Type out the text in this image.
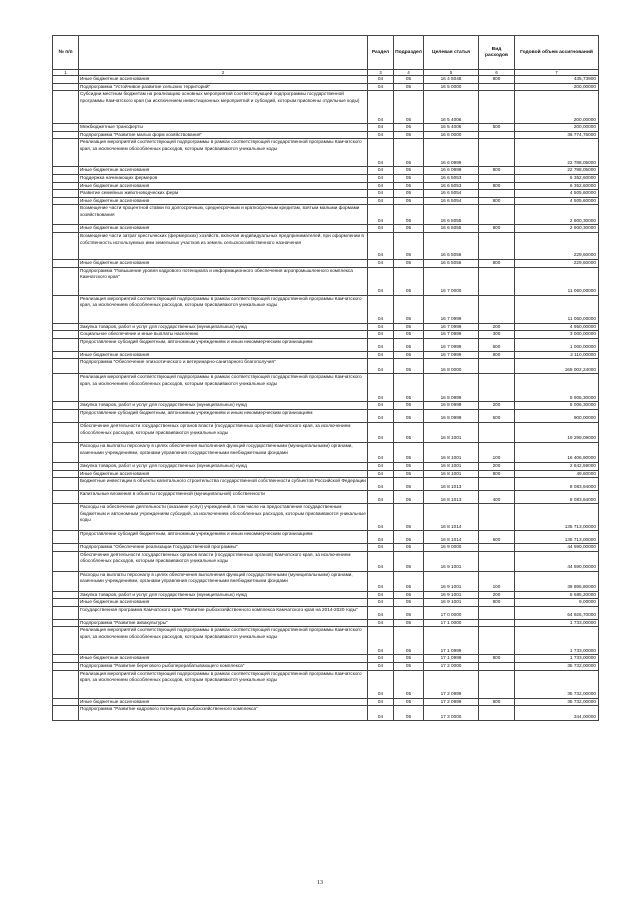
№ п/п		Раздел	Подраздел	Целевая статья	Вид расходов	Годовой объем ассигнований
1	2	3	4	5	6	7
	Иные бюджетные ассигнования	04	05	16 4 5048	800	435,73900
	Подпрограмма "Устойчивое развитие сельских территорий"	04	05	16 5 0000		200,00000
	Субсидии местным бюджетам на реализацию основных мероприятий соответствующей подпрограммы государственной программы Камчатского края (за исключением инвестиционных мероприятий и субсидий, которым присвоены отдельные коды)	04	05	16 5 4006		200,00000
	Межбюджетные трансферты	04	05	16 5 4006	500	200,00000
	Подпрограмма "Развитие малых форм хозяйствования"	04	05	16 6 0000		36 774,75000
	Реализация мероприятий соответствующей подпрограммы в рамках соответствующей государственной программы Камчатского края, за исключением обособленных расходов, которым присваиваются уникальные коды	04	05	16 6 0999		22 788,05000
	Иные бюджетные ассигнования	04	05	16 6 0999	800	22 788,05000
	Поддержка начинающих фермеров	04	05	16 6 5053		6 352,60000
	Иные бюджетные ассигнования	04	05	16 6 5053	800	6 352,60000
	Развитие семейных животноводческих ферм	04	05	16 6 5054		4 505,60000
	Иные бюджетные ассигнования	04	05	16 6 5054	800	4 505,60000
	Возмещение части процентной ставки по долгосрочным, среднесрочным и краткосрочным кредитам, взятым малыми формами хозяйствования	04	05	16 6 5055		2 900,30000
	Иные бюджетные ассигнования	04	05	16 6 5055	800	2 900,30000
	Возмещение части затрат крестьянских (фермерских) хозяйств, включая индивидуальных предпринимателей, при оформлении в собственность используемых ими земельных участков из земель сельскохозяйственного назначения	04	05	16 6 5056		229,60000
	Иные бюджетные ассигнования	04	05	16 6 5056	800	229,60000
	Подпрограмма "Повышение уровня кадрового потенциала и информационного обеспечения агропромышленного комплекса Камчатского края"	04	05	16 7 0000		11 060,00000
	Реализация мероприятий соответствующей подпрограммы в рамках соответствующей государственной программы Камчатского края, за исключением обособленных расходов, которым присваиваются уникальные коды	04	05	16 7 0999		11 060,00000
	Закупка товаров, работ и услуг для государственных (муниципальных) нужд	04	05	16 7 0999	200	4 950,00000
	Социальное обеспечение и иные выплаты населению	04	05	16 7 0999	300	3 000,00000
	Предоставление субсидий бюджетным, автономным учреждениям и иным некоммерческим организациям	04	05	16 7 0999	600	1 000,00000
	Иные бюджетные ассигнования	04	05	16 7 0999	800	2 110,00000
	Подпрограмма "Обеспечение эпизоотического и ветеринарно-санитарного благополучия"	04	05	16 8 0000		169 002,24000
	Реализация мероприятий соответствующей подпрограммы в рамках соответствующей государственной программы Камчатского края, за исключением обособленных расходов, которым присваиваются уникальные коды	04	05	16 8 0999		5 906,30000
	Закупка товаров, работ и услуг для государственных (муниципальных) нужд	04	05	16 8 0999	200	5 006,30000
	Предоставление субсидий бюджетным, автономным учреждениям и иным некоммерческим организациям	04	05	16 8 0999	600	900,00000
	Обеспечение деятельности государственных органов власти (государственных органов) Камчатского края, за исключением обособленных расходов, которым присваиваются уникальные коды	04	05	16 8 1001		19 299,09000
	Расходы на выплаты персоналу в целях обеспечения выполнения функций государственными (муниципальными) органами, казенными учреждениями, органами управления государственными внебюджетными фондами	04	05	16 8 1001	100	16 406,90000
	Закупка товаров, работ и услуг для государственных (муниципальных) нужд	04	05	16 8 1001	200	2 842,59000
	Иные бюджетные ассигнования	04	05	16 8 1001	800	49,60000
	Бюджетные инвестиции в объекты капитального строительства государственной собственности субъектов Российской Федерации	04	05	16 8 1013		8 083,94000
	Капитальные вложения в объекты государственной (муниципальной) собственности	04	05	16 8 1013	400	8 083,94000
	Расходы на обеспечение деятельности (оказание услуг) учреждений, в том числе на предоставление государственным бюджетным и автономным учреждениям субсидий, за исключением обособленных расходов, которым присваиваются уникальные коды	04	05	16 8 1014		135 713,00000
	Предоставление субсидий бюджетным, автономным учреждениям и иным некоммерческим организациям	04	05	16 8 1014	600	135 713,00000
	Подпрограмма "Обеспечение реализации Государственной программы"	04	05	16 9 0000		44 590,00000
	Обеспечение деятельности государственных органов власти (государственных органов) Камчатского края, за исключением обособленных расходов, которым присваиваются уникальные коды	04	05	16 9 1001		44 590,00000
	Расходы на выплаты персоналу в целях обеспечения выполнения функций государственными (муниципальными) органами, казенными учреждениями, органами управления государственными внебюджетными фондами	04	05	16 9 1001	100	38 895,80000
	Закупка товаров, работ и услуг для государственных (муниципальных) нужд	04	05	16 9 1001	200	5 685,20000
	Иные бюджетные ассигнования	04	05	16 9 1001	800	9,00000
	Государственная программа Камчатского края "Развитие рыбохозяйственного комплекса Камчатского края на 2014-2020 годы"	04	05	17 0 0000		64 926,70000
	Подпрограмма "Развитие аквакультуры"	04	05	17 1 0000		1 733,00000
	Реализация мероприятий соответствующей подпрограммы в рамках соответствующей государственной программы Камчатского края, за исключением обособленных расходов, которым присваиваются уникальные коды	04	05	17 1 0999		1 733,00000
	Иные бюджетные ассигнования	04	05	17 1 0999	800	1 733,00000
	Подпрограмма "Развитие берегового рыбоперерабатывающего комплекса"	04	05	17 2 0000		35 732,00000
	Реализация мероприятий соответствующей подпрограммы в рамках соответствующей государственной программы Камчатского края, за исключением обособленных расходов, которым присваиваются уникальные коды	04	05	17 2 0999		35 732,00000
	Иные бюджетные ассигнования	04	05	17 2 0999	800	35 732,00000
	Подпрограмма "Развитие кадрового потенциала рыбохозяйственного комплекса"	04	05	17 3 0000		344,00000
13
